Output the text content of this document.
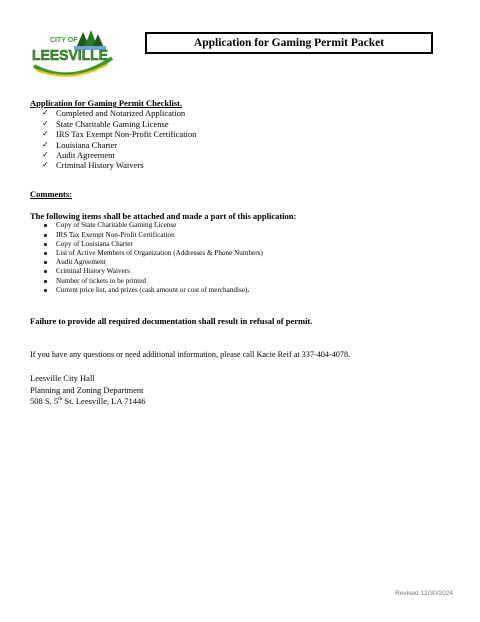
CITY OF
LEESVILLE
Application for Gaming Permit Packet
Application for Gaming Permit Checklist.
✓ Completed and Notarized Application
✓ State Charitable Gaming License
✓ IRS Tax Exempt Non-Profit Certification
✓ Louisiana Charter
✓ Audit Agreement
✓ Criminal History Waivers
Comments:
The following items shall be attached and made a part of this application:
Copy of State Charitable Gaming License
IRS Tax Exempt Non-Profit Certification
Copy of Louisiana Charter
List of Active Members of Organization (Addresses & Phone Numbers)
Audit Agreement
Criminal History Waivers
Number of tickets to be printed
Current price list, and prizes (cash amount or cost of merchandise).
Failure to provide all required documentation shall result in refusal of permit.
If you have any questions or need additional information, please call Kacie Reif at 337-404-4078.
Leesville City Hall
Planning and Zoning Department
508 S. 5th St. Leesville, LA 71446
Revised 12/30/2024
